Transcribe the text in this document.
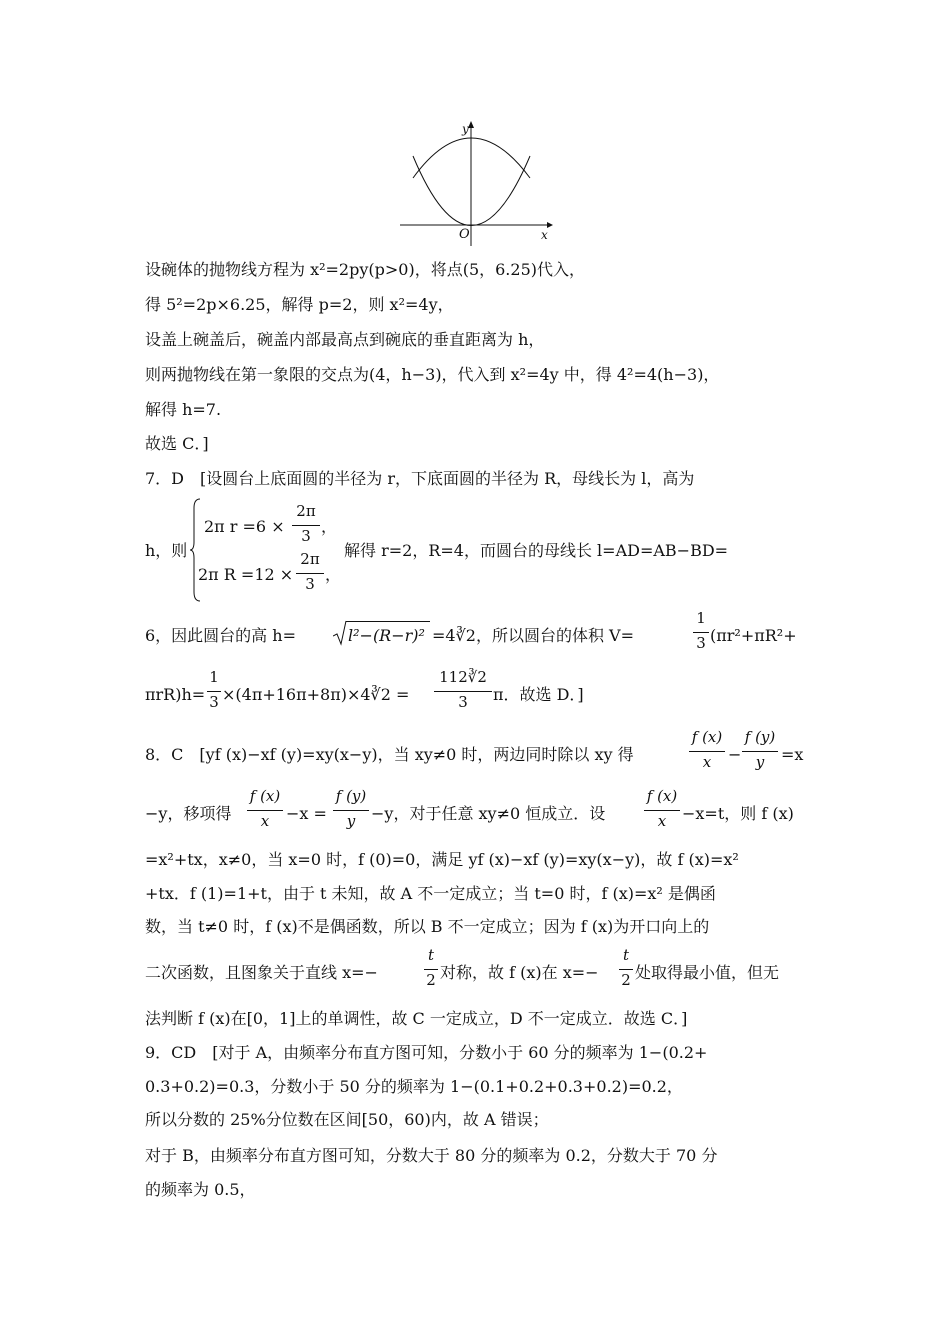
y
x
O
设碗体的抛物线方程为 x²=2py(p>0)，将点(5，6.25)代入，
得 5²=2p×6.25，解得 p=2，则 x²=4y，
设盖上碗盖后，碗盖内部最高点到碗底的垂直距离为 h，
则两抛物线在第一象限的交点为(4，h−3)，代入到 x²=4y 中，得 4²=4(h−3)，
解得 h=7.
故选 C．]
7．D　[设圆台上底面圆的半径为 r，下底面圆的半径为 R，母线长为 l，高为
h，则
2π r =6 ×
2π
3 ，
2π R =12 ×
2π
3 ，
解得 r=2，R=4，而圆台的母线长 l=AD=AB−BD=
6，因此圆台的高 h=	l²−(R−r)² =4∛2，所以圆台的体积 V=
1
3 (πr²+πR²+
πrR)h=
1
3 ×(4π+16π+8π)×4∛2 =
112∛2
3	π．故选 D．]
8．C　[yf (x)−xf (y)=xy(x−y)，当 xy≠0 时，两边同时除以 xy 得
f (x)
x	−
f (y)
y	=x
−y，移项得
f (x)
x	−x =
f (y)
y −y，对于任意 xy≠0 恒成立．设
f (x)
x −x=t，则 f (x)
=x²+tx，x≠0，当 x=0 时，f (0)=0，满足 yf (x)−xf (y)=xy(x−y)，故 f (x)=x²
+tx．f (1)=1+t，由于 t 未知，故 A 不一定成立；当 t=0 时，f (x)=x² 是偶函
数，当 t≠0 时，f (x)不是偶函数，所以 B 不一定成立；因为 f (x)为开口向上的
二次函数，且图象关于直线 x=−
t
2 对称，故 f (x)在 x=−
t
2 处取得最小值，但无
法判断 f (x)在[0，1]上的单调性，故 C 一定成立，D 不一定成立．故选 C．]
9．CD　[对于 A，由频率分布直方图可知，分数小于 60 分的频率为 1−(0.2+
0.3+0.2)=0.3，分数小于 50 分的频率为 1−(0.1+0.2+0.3+0.2)=0.2，
所以分数的 25%分位数在区间[50，60)内，故 A 错误；
对于 B，由频率分布直方图可知，分数大于 80 分的频率为 0.2，分数大于 70 分
的频率为 0.5，
